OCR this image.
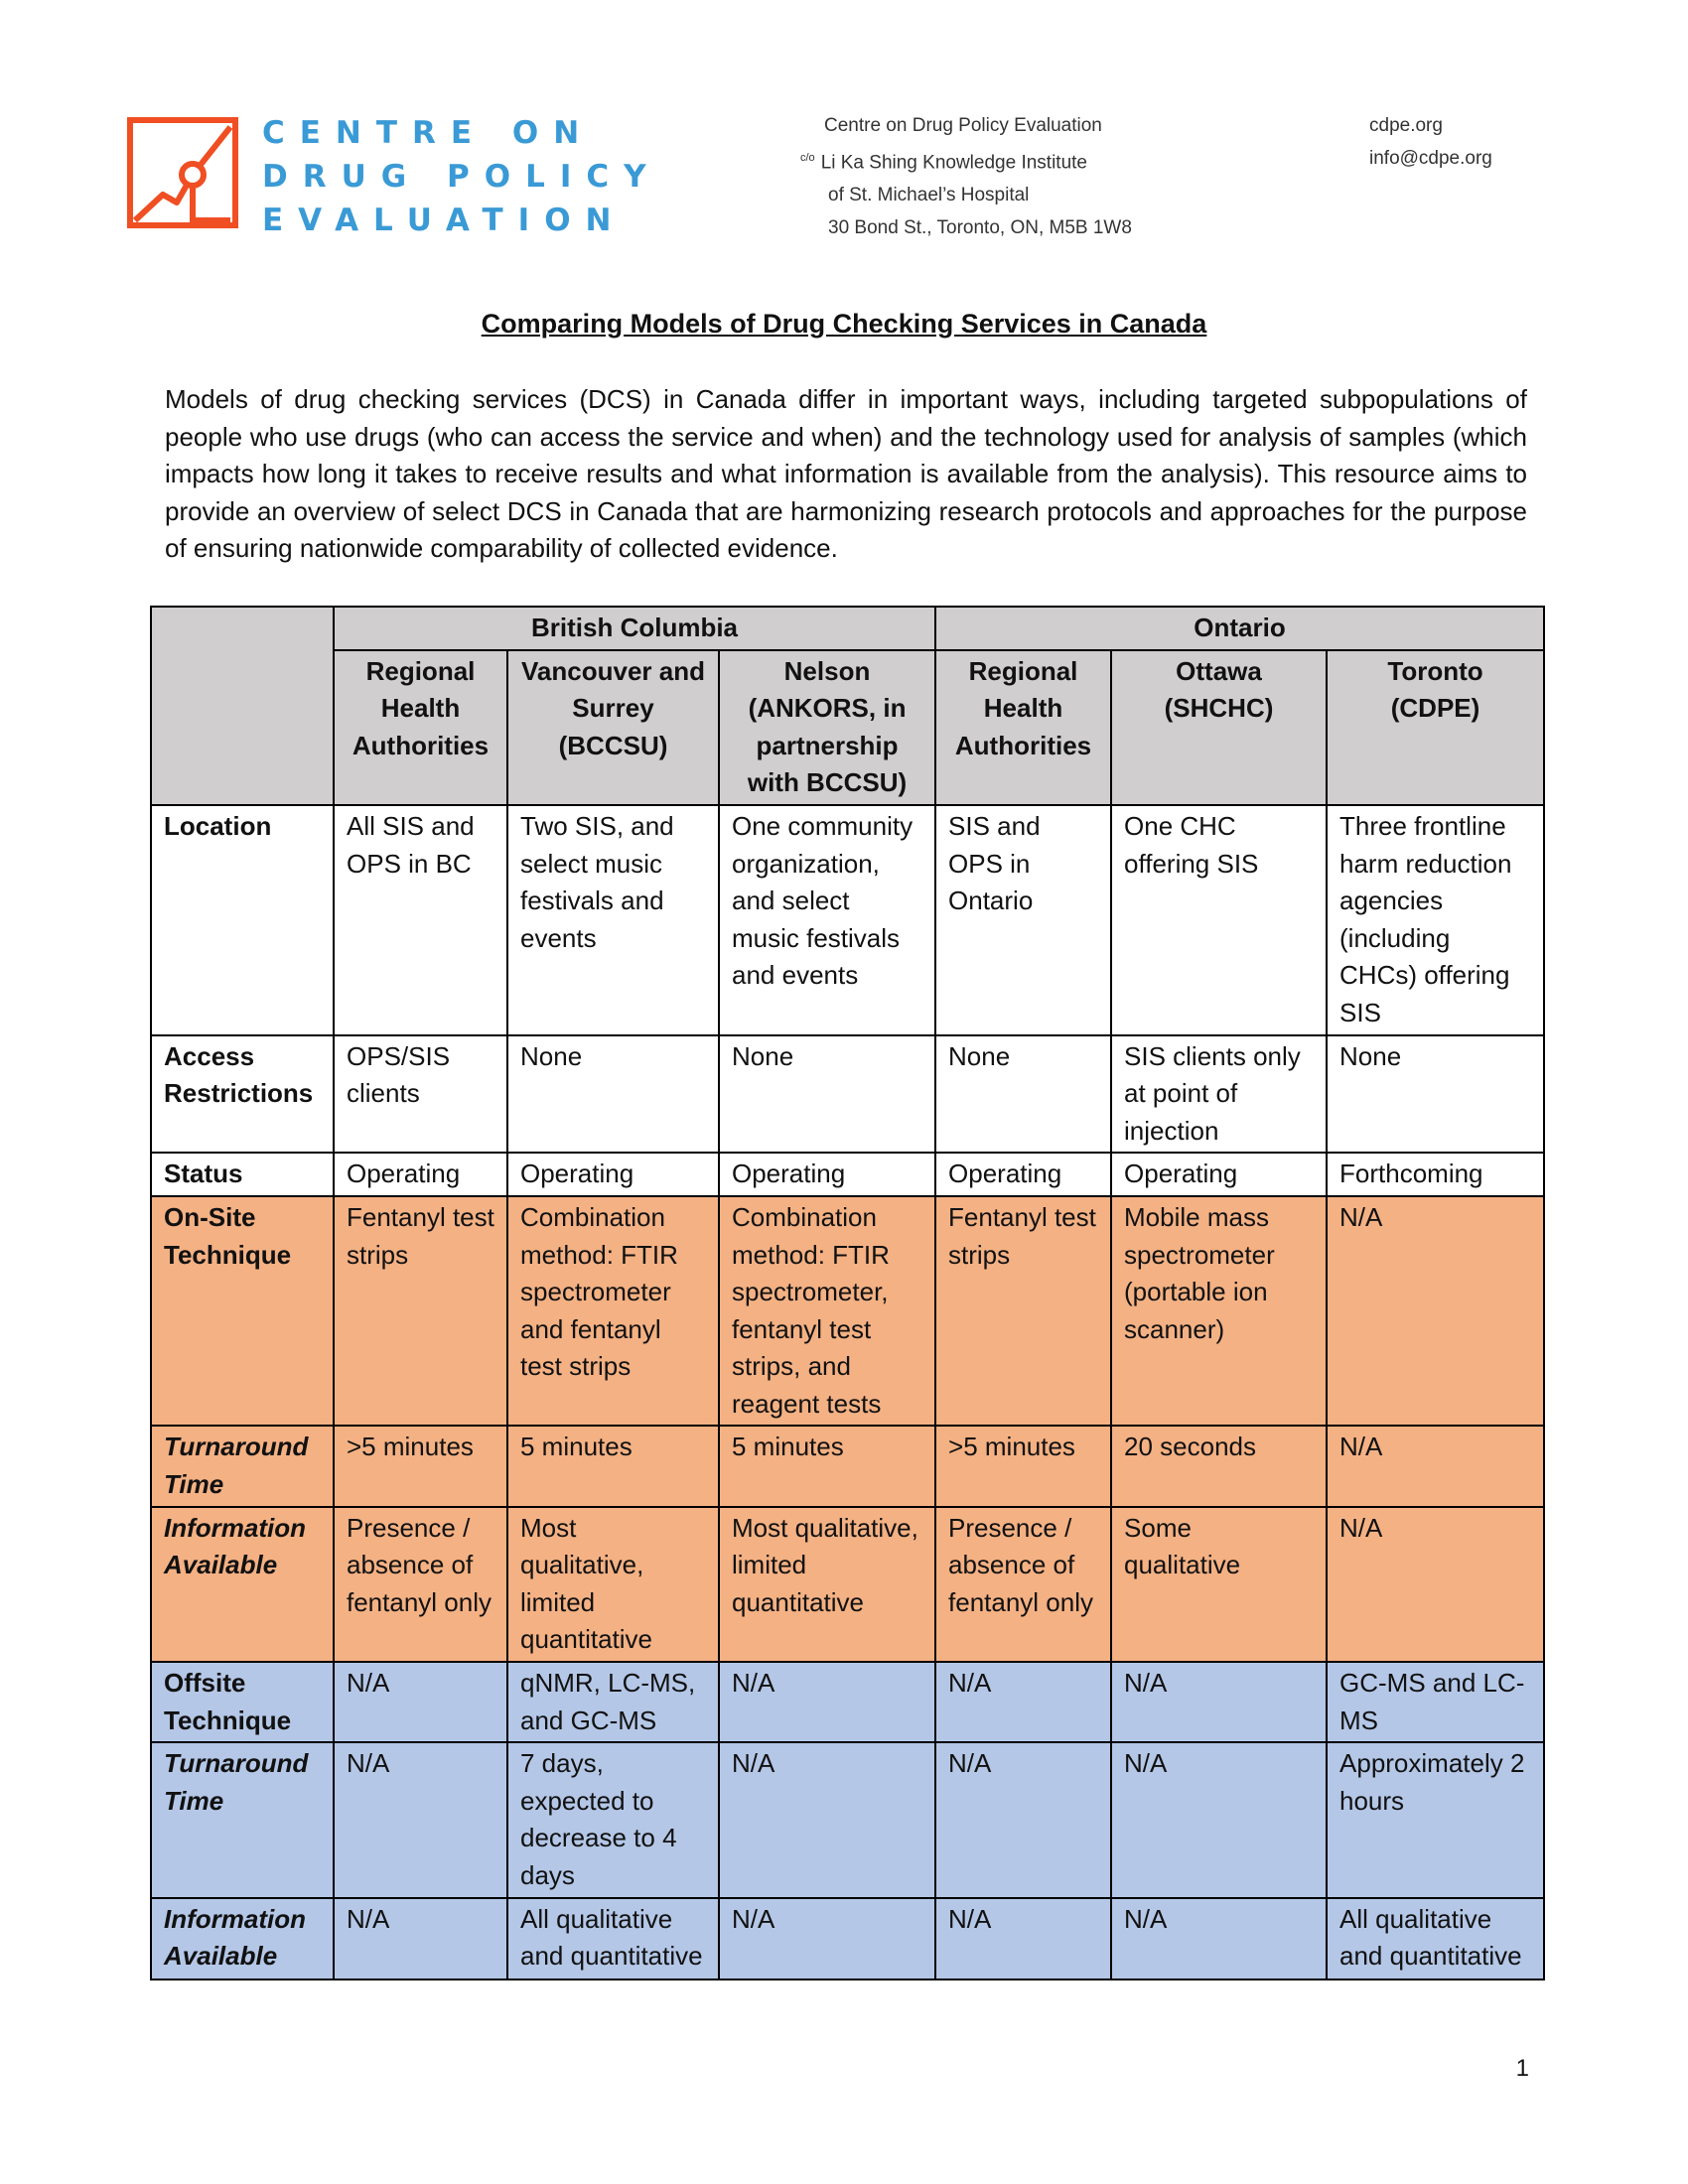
CENTRE ON
DRUG POLICY
EVALUATION
Centre on Drug Policy Evaluation
$^{c/o}$ Li Ka Shing Knowledge Institute
of St. Michael’s Hospital
30 Bond St., Toronto, ON, M5B 1W8
cdpe.org
info@cdpe.org
Comparing Models of Drug Checking Services in Canada

Models of drug checking services (DCS) in Canada differ in important ways, including targeted subpopulations of people who use drugs (who can access the service and when) and the technology used for analysis of samples (which impacts how long it takes to receive results and what information is available from the analysis). This resource aims to provide an overview of select DCS in Canada that are harmonizing research protocols and approaches for the purpose of ensuring nationwide comparability of collected evidence.

	British Columbia			Ontario		
	Regional Health Authorities	Vancouver and Surrey (BCCSU)	Nelson (ANKORS, in partnership with BCCSU)	Regional Health Authorities	Ottawa (SHCHC)	Toronto (CDPE)
Location	All SIS and OPS in BC	Two SIS, and select music festivals and events	One community organization, and select music festivals and events	SIS and OPS in Ontario	One CHC offering SIS	Three frontline harm reduction agencies (including CHCs) offering SIS
Access Restrictions	OPS/SIS clients	None	None	None	SIS clients only at point of injection	None
Status	Operating	Operating	Operating	Operating	Operating	Forthcoming
On-Site Technique	Fentanyl test strips	Combination method: FTIR spectrometer and fentanyl test strips	Combination method: FTIR spectrometer, fentanyl test strips, and reagent tests	Fentanyl test strips	Mobile mass spectrometer (portable ion scanner)	N/A
Turnaround Time	>5 minutes	5 minutes	5 minutes	>5 minutes	20 seconds	N/A
Information Available	Presence / absence of fentanyl only	Most qualitative, limited quantitative	Most qualitative, limited quantitative	Presence / absence of fentanyl only	Some qualitative	N/A
Offsite Technique	N/A	qNMR, LC-MS, and GC-MS	N/A	N/A	N/A	GC-MS and LC-MS
Turnaround Time	N/A	7 days, expected to decrease to 4 days	N/A	N/A	N/A	Approximately 2 hours
Information Available	N/A	All qualitative and quantitative	N/A	N/A	N/A	All qualitative and quantitative
1
